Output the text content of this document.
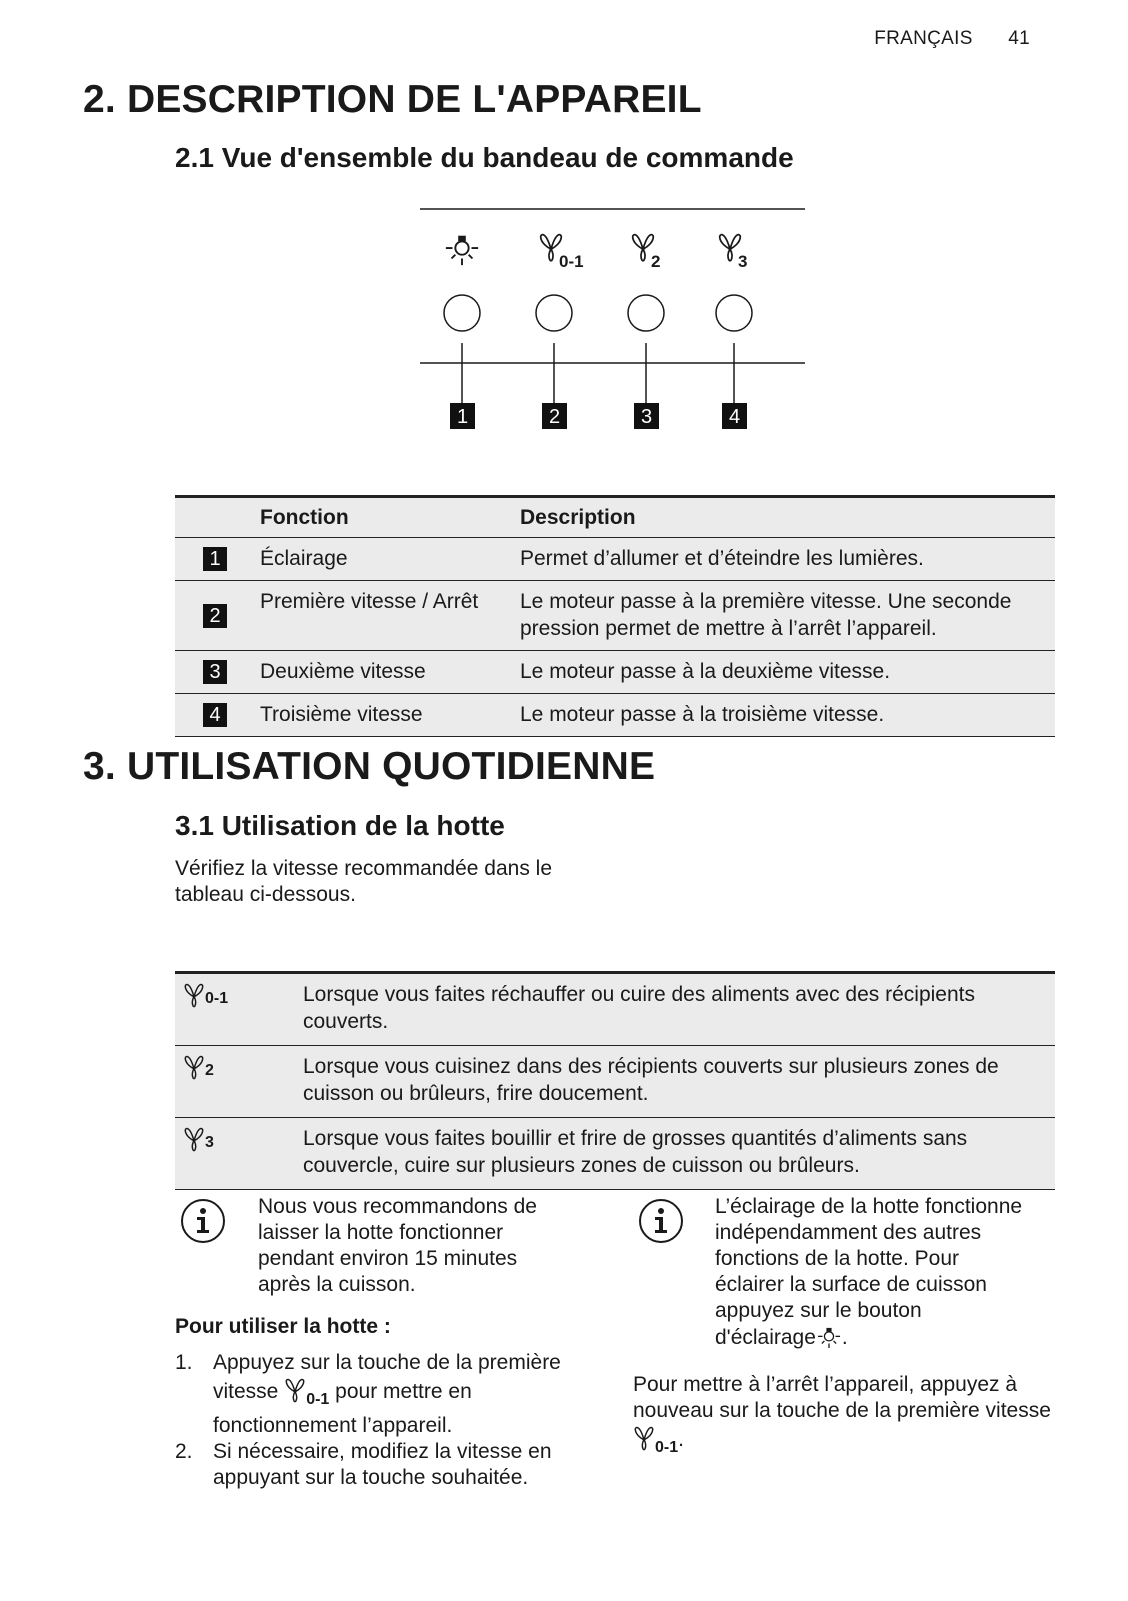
FRANÇAIS 41
2. DESCRIPTION DE L'APPAREIL
2.1 Vue d'ensemble du bandeau de commande
0-1	2	3
1	2	3	4
	Fonction	Description
1	Éclairage	Permet d’allumer et d’éteindre les lumières.
2	Première vitesse / Arrêt	Le moteur passe à la première vitesse. Une seconde pression permet de mettre à l’arrêt l’appareil.
3	Deuxième vitesse	Le moteur passe à la deuxième vitesse.
4	Troisième vitesse	Le moteur passe à la troisième vitesse.
3. UTILISATION QUOTIDIENNE
3.1 Utilisation de la hotte
Vérifiez la vitesse recommandée dans le tableau ci-dessous.
0-1	Lorsque vous faites réchauffer ou cuire des aliments avec des récipients couverts.
2	Lorsque vous cuisinez dans des récipients couverts sur plusieurs zones de cuisson ou brûleurs, frire doucement.
3	Lorsque vous faites bouillir et frire de grosses quantités d’aliments sans couvercle, cuire sur plusieurs zones de cuisson ou brûleurs.
Nous vous recommandons de laisser la hotte fonctionner pendant environ 15 minutes après la cuisson.
Pour utiliser la hotte :
1. Appuyez sur la touche de la première vitesse 0-1 pour mettre en fonctionnement l’appareil.
2. Si nécessaire, modifiez la vitesse en appuyant sur la touche souhaitée.
L’éclairage de la hotte fonctionne indépendamment des autres fonctions de la hotte. Pour éclairer la surface de cuisson appuyez sur le bouton d'éclairage .
Pour mettre à l’arrêt l’appareil, appuyez à nouveau sur la touche de la première vitesse 0-1.
